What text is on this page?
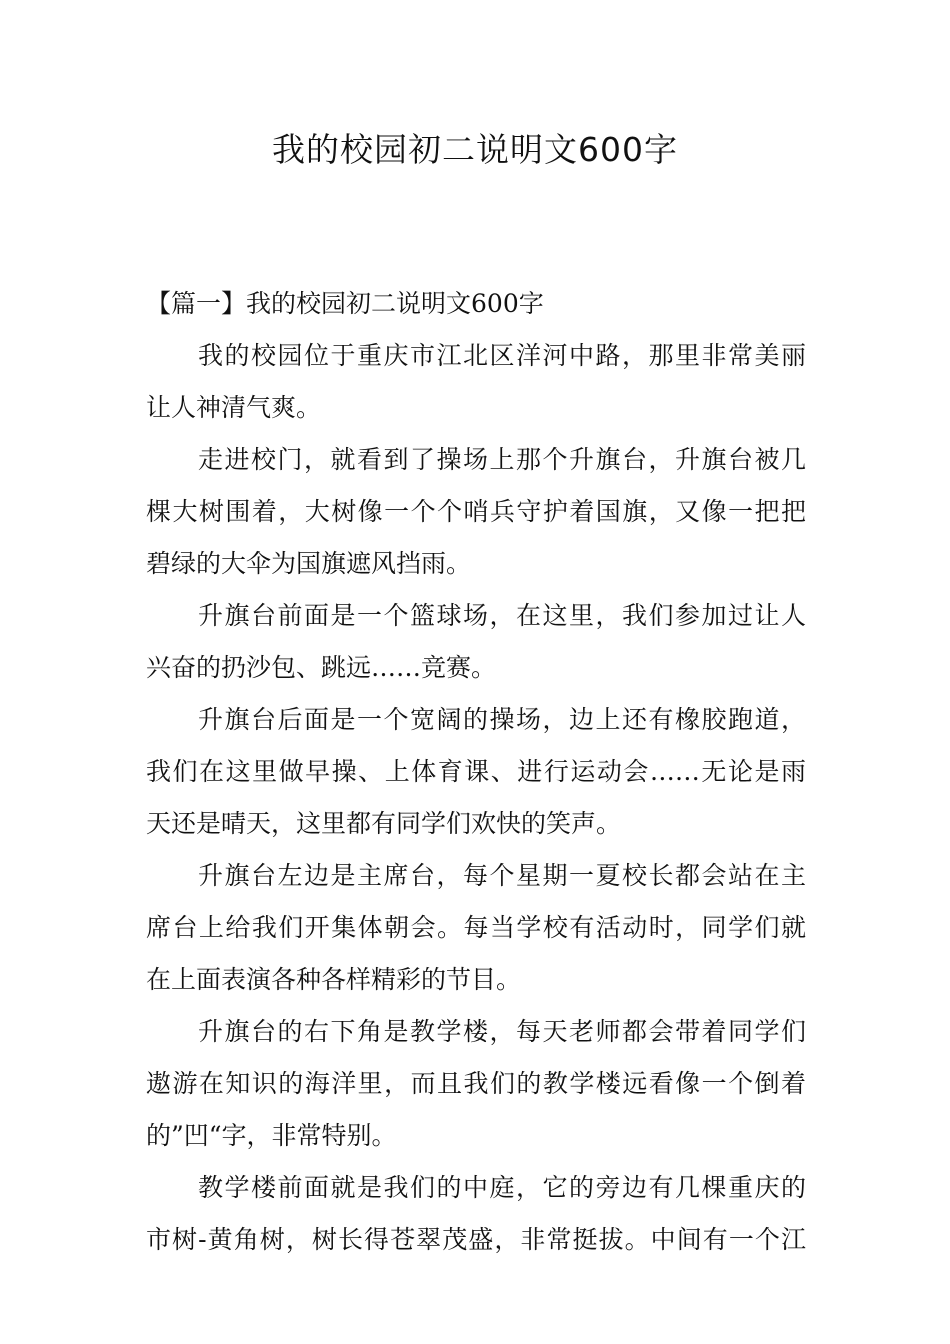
我的校园初二说明文600字
【篇一】我的校园初二说明文600字

我的校园位于重庆市江北区洋河中路，那里非常美丽
让人神清气爽。

走进校门，就看到了操场上那个升旗台，升旗台被几
棵大树围着，大树像一个个哨兵守护着国旗，又像一把把
碧绿的大伞为国旗遮风挡雨。

升旗台前面是一个篮球场，在这里，我们参加过让人
兴奋的扔沙包、跳远……竞赛。

升旗台后面是一个宽阔的操场，边上还有橡胶跑道，
我们在这里做早操、上体育课、进行运动会……无论是雨
天还是晴天，这里都有同学们欢快的笑声。

升旗台左边是主席台，每个星期一夏校长都会站在主
席台上给我们开集体朝会。每当学校有活动时，同学们就
在上面表演各种各样精彩的节目。

升旗台的右下角是教学楼，每天老师都会带着同学们
遨游在知识的海洋里，而且我们的教学楼远看像一个倒着
的”凹“字，非常特别。

教学楼前面就是我们的中庭，它的旁边有几棵重庆的
市树-黄角树，树长得苍翠茂盛，非常挺拔。中间有一个江
